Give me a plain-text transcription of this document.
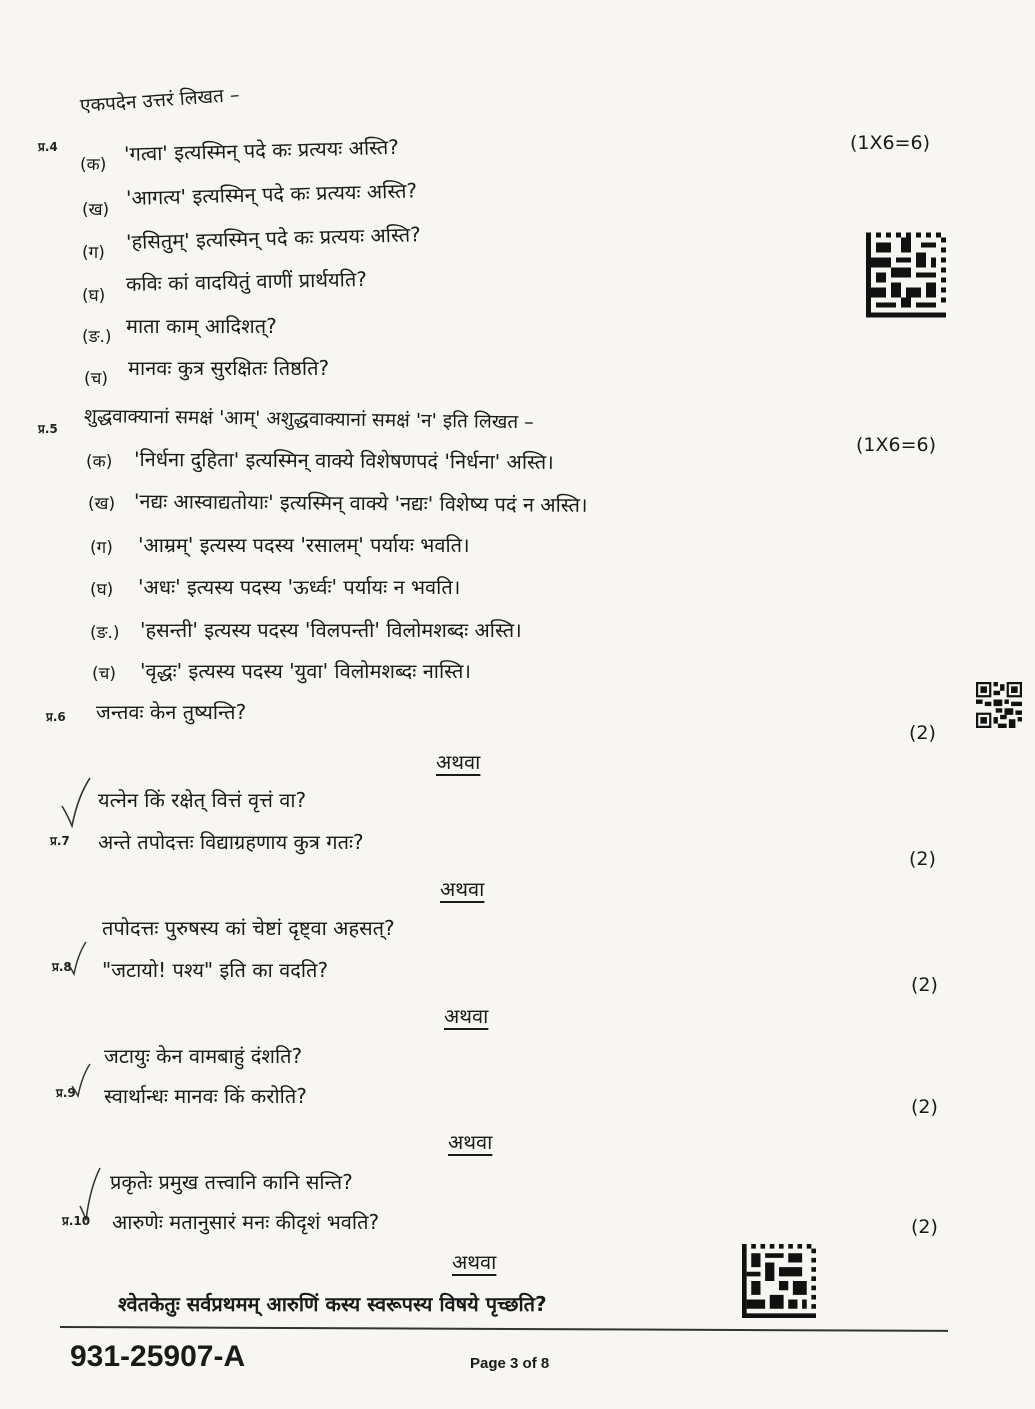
एकपदेन उत्तरं लिखत –
प्र.4	(1X6=6)
(क) 'गत्वा' इत्यस्मिन् पदे कः प्रत्ययः अस्ति?
(ख)
'आगत्य' इत्यस्मिन् पदे कः प्रत्ययः अस्ति?
(ग) 'हसितुम्' इत्यस्मिन् पदे कः प्रत्ययः अस्ति?
(घ)
कविः कां वादयितुं वाणीं प्रार्थयति?
(ङ.) माता काम् आदिशत्?
(च) मानवः कुत्र सुरक्षितः तिष्ठति?
प्र.5 शुद्धवाक्यानां समक्षं 'आम्' अशुद्धवाक्यानां समक्षं 'न' इति लिखत –
(1X6=6)
(क) 'निर्धना दुहिता' इत्यस्मिन् वाक्ये विशेषणपदं 'निर्धना' अस्ति।
(ख) 'नद्यः आस्वाद्यतोयाः' इत्यस्मिन् वाक्ये 'नद्यः' विशेष्य पदं न अस्ति।
(ग) 'आम्रम्' इत्यस्य पदस्य 'रसालम्' पर्यायः भवति।
(घ) 'अधः' इत्यस्य पदस्य 'ऊर्ध्वः' पर्यायः न भवति।
(ङ.) 'हसन्ती' इत्यस्य पदस्य 'विलपन्ती' विलोमशब्दः अस्ति।
(च) 'वृद्धः' इत्यस्य पदस्य 'युवा' विलोमशब्दः नास्ति।
प्र.6 जन्तवः केन तुष्यन्ति?
(2)
अथवा
यत्नेन किं रक्षेत् वित्तं वृत्तं वा?
प्र.7 अन्ते तपोदत्तः विद्याग्रहणाय कुत्र गतः?
(2)
अथवा
तपोदत्तः पुरुषस्य कां चेष्टां दृष्ट्वा अहसत्?
प्र.8 "जटायो! पश्य" इति का वदति?
(2)
अथवा
जटायुः केन वामबाहुं दंशति?
प्र.9 स्वार्थान्धः मानवः किं करोति?	(2)
अथवा
प्रकृतेः प्रमुख तत्त्वानि कानि सन्ति?
प्र.10 आरुणेः मतानुसारं मनः कीदृशं भवति?	(2)
अथवा
श्वेतकेतुः सर्वप्रथमम् आरुणिं कस्य स्वरूपस्य विषये पृच्छति?
931-25907-A	Page 3 of 8
